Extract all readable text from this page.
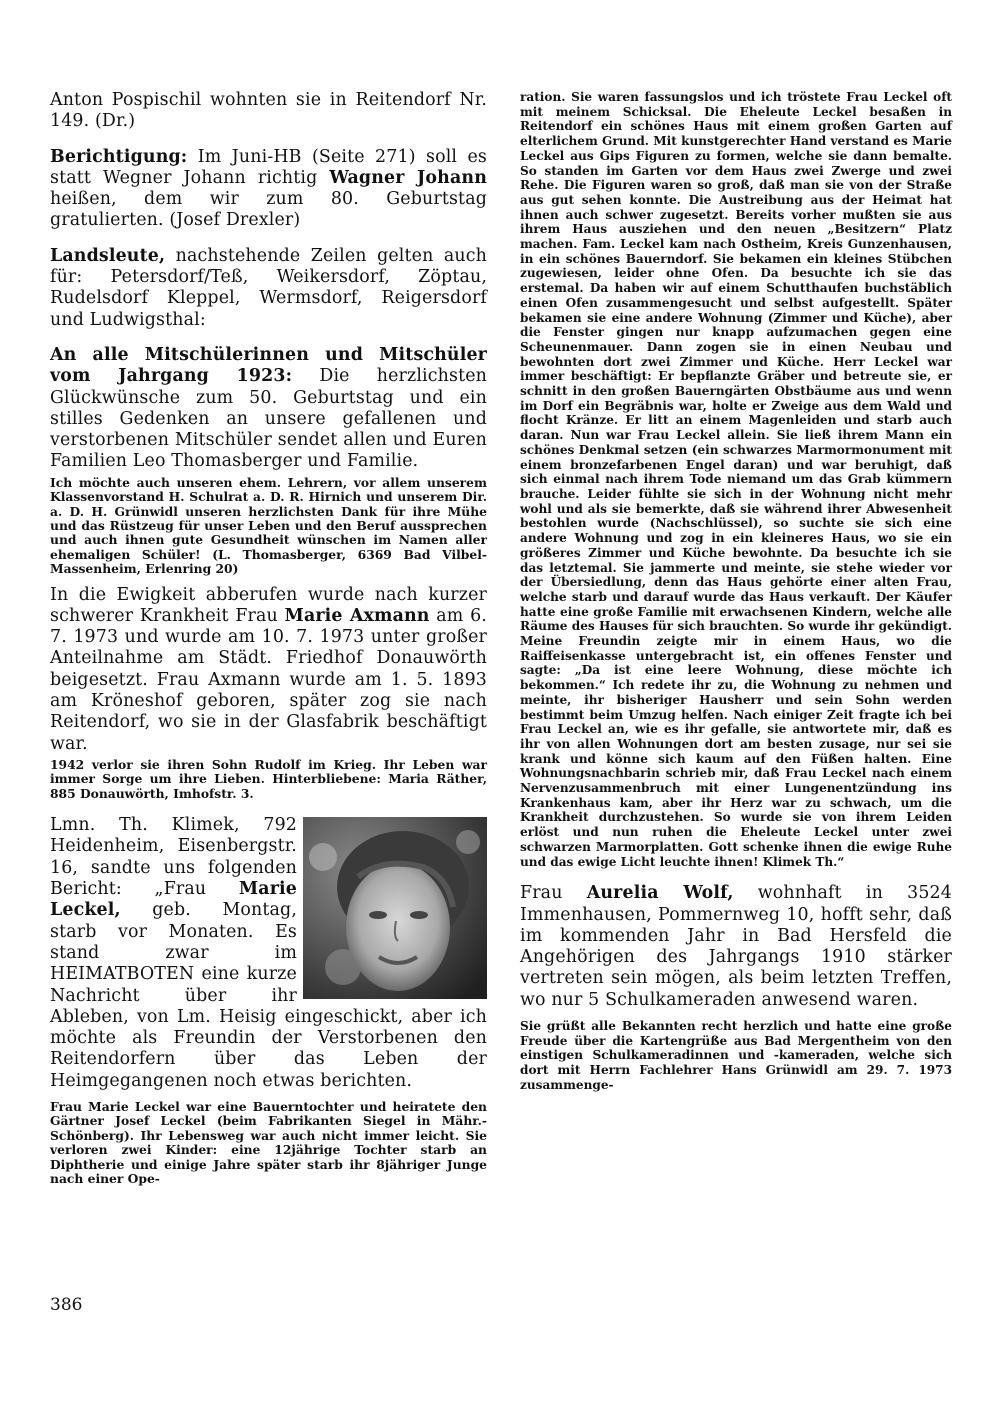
Anton Pospischil wohnten sie in Reitendorf Nr. 149. (Dr.)

Berichtigung: Im Juni-HB (Seite 271) soll es statt Wegner Johann richtig Wagner Johann heißen, dem wir zum 80. Geburtstag gratulierten. (Josef Drexler)

Landsleute, nachstehende Zeilen gelten auch für: Petersdorf/Teß, Weikersdorf, Zöptau, Rudelsdorf Kleppel, Wermsdorf, Reigersdorf und Ludwigsthal:

An alle Mitschülerinnen und Mitschüler vom Jahrgang 1923: Die herzlichsten Glückwünsche zum 50. Geburtstag und ein stilles Gedenken an unsere gefallenen und verstorbenen Mitschüler sendet allen und Euren Familien Leo Thomasberger und Familie.

Ich möchte auch unseren ehem. Lehrern, vor allem unserem Klassenvorstand H. Schulrat a. D. R. Hirnich und unserem Dir. a. D. H. Grünwidl unseren herzlichsten Dank für ihre Mühe und das Rüstzeug für unser Leben und den Beruf aussprechen und auch ihnen gute Gesundheit wünschen im Namen aller ehemaligen Schüler! (L. Thomasberger, 6369 Bad Vilbel-Massenheim, Erlenring 20)

In die Ewigkeit abberufen wurde nach kurzer schwerer Krankheit Frau Marie Axmann am 6. 7. 1973 und wurde am 10. 7. 1973 unter großer Anteilnahme am Städt. Friedhof Donauwörth beigesetzt. Frau Axmann wurde am 1. 5. 1893 am Kröneshof geboren, später zog sie nach Reitendorf, wo sie in der Glasfabrik beschäftigt war.

1942 verlor sie ihren Sohn Rudolf im Krieg. Ihr Leben war immer Sorge um ihre Lieben. Hinterbliebene: Maria Räther, 885 Donauwörth, Imhofstr. 3.

Lmn. Th. Klimek, 792 Heidenheim, Eisenbergstr. 16, sandte uns folgenden Bericht: „Frau Marie Leckel, geb. Montag, starb vor Monaten. Es stand zwar im HEIMATBOTEN eine kurze Nachricht über ihr Ableben, von Lm. Heisig eingeschickt, aber ich möchte als Freundin der Verstorbenen den Reitendorfern über das Leben der Heimgegangenen noch etwas berichten.

Frau Marie Leckel war eine Bauerntochter und heiratete den Gärtner Josef Leckel (beim Fabrikanten Siegel in Mähr.-Schönberg). Ihr Lebensweg war auch nicht immer leicht. Sie verloren zwei Kinder: eine 12jährige Tochter starb an Diphtherie und einige Jahre später starb ihr 8jähriger Junge nach einer Ope-

ration. Sie waren fassungslos und ich tröstete Frau Leckel oft mit meinem Schicksal. Die Eheleute Leckel besaßen in Reitendorf ein schönes Haus mit einem großen Garten auf elterlichem Grund. Mit kunstgerechter Hand verstand es Marie Leckel aus Gips Figuren zu formen, welche sie dann bemalte. So standen im Garten vor dem Haus zwei Zwerge und zwei Rehe. Die Figuren waren so groß, daß man sie von der Straße aus gut sehen konnte. Die Austreibung aus der Heimat hat ihnen auch schwer zugesetzt. Bereits vorher mußten sie aus ihrem Haus ausziehen und den neuen „Besitzern“ Platz machen. Fam. Leckel kam nach Ostheim, Kreis Gunzenhausen, in ein schönes Bauerndorf. Sie bekamen ein kleines Stübchen zugewiesen, leider ohne Ofen. Da besuchte ich sie das erstemal. Da haben wir auf einem Schutthaufen buchstäblich einen Ofen zusammengesucht und selbst aufgestellt. Später bekamen sie eine andere Wohnung (Zimmer und Küche), aber die Fenster gingen nur knapp aufzumachen gegen eine Scheunenmauer. Dann zogen sie in einen Neubau und bewohnten dort zwei Zimmer und Küche. Herr Leckel war immer beschäftigt: Er bepflanzte Gräber und betreute sie, er schnitt in den großen Bauerngärten Obstbäume aus und wenn im Dorf ein Begräbnis war, holte er Zweige aus dem Wald und flocht Kränze. Er litt an einem Magenleiden und starb auch daran. Nun war Frau Leckel allein. Sie ließ ihrem Mann ein schönes Denkmal setzen (ein schwarzes Marmormonument mit einem bronzefarbenen Engel daran) und war beruhigt, daß sich einmal nach ihrem Tode niemand um das Grab kümmern brauche. Leider fühlte sie sich in der Wohnung nicht mehr wohl und als sie bemerkte, daß sie während ihrer Abwesenheit bestohlen wurde (Nachschlüssel), so suchte sie sich eine andere Wohnung und zog in ein kleineres Haus, wo sie ein größeres Zimmer und Küche bewohnte. Da besuchte ich sie das letztemal. Sie jammerte und meinte, sie stehe wieder vor der Übersiedlung, denn das Haus gehörte einer alten Frau, welche starb und darauf wurde das Haus verkauft. Der Käufer hatte eine große Familie mit erwachsenen Kindern, welche alle Räume des Hauses für sich brauchten. So wurde ihr gekündigt. Meine Freundin zeigte mir in einem Haus, wo die Raiffeisenkasse untergebracht ist, ein offenes Fenster und sagte: „Da ist eine leere Wohnung, diese möchte ich bekommen.“ Ich redete ihr zu, die Wohnung zu nehmen und meinte, ihr bisheriger Hausherr und sein Sohn werden bestimmt beim Umzug helfen. Nach einiger Zeit fragte ich bei Frau Leckel an, wie es ihr gefalle, sie antwortete mir, daß es ihr von allen Wohnungen dort am besten zusage, nur sei sie krank und könne sich kaum auf den Füßen halten. Eine Wohnungsnachbarin schrieb mir, daß Frau Leckel nach einem Nervenzusammenbruch mit einer Lungenentzündung ins Krankenhaus kam, aber ihr Herz war zu schwach, um die Krankheit durchzustehen. So wurde sie von ihrem Leiden erlöst und nun ruhen die Eheleute Leckel unter zwei schwarzen Marmorplatten. Gott schenke ihnen die ewige Ruhe und das ewige Licht leuchte ihnen! Klimek Th.“

Frau Aurelia Wolf, wohnhaft in 3524 Immenhausen, Pommernweg 10, hofft sehr, daß im kommenden Jahr in Bad Hersfeld die Angehörigen des Jahrgangs 1910 stärker vertreten sein mögen, als beim letzten Treffen, wo nur 5 Schulkameraden anwesend waren.

Sie grüßt alle Bekannten recht herzlich und hatte eine große Freude über die Kartengrüße aus Bad Mergentheim von den einstigen Schulkameradinnen und -kameraden, welche sich dort mit Herrn Fachlehrer Hans Grünwidl am 29. 7. 1973 zusammenge-

386
